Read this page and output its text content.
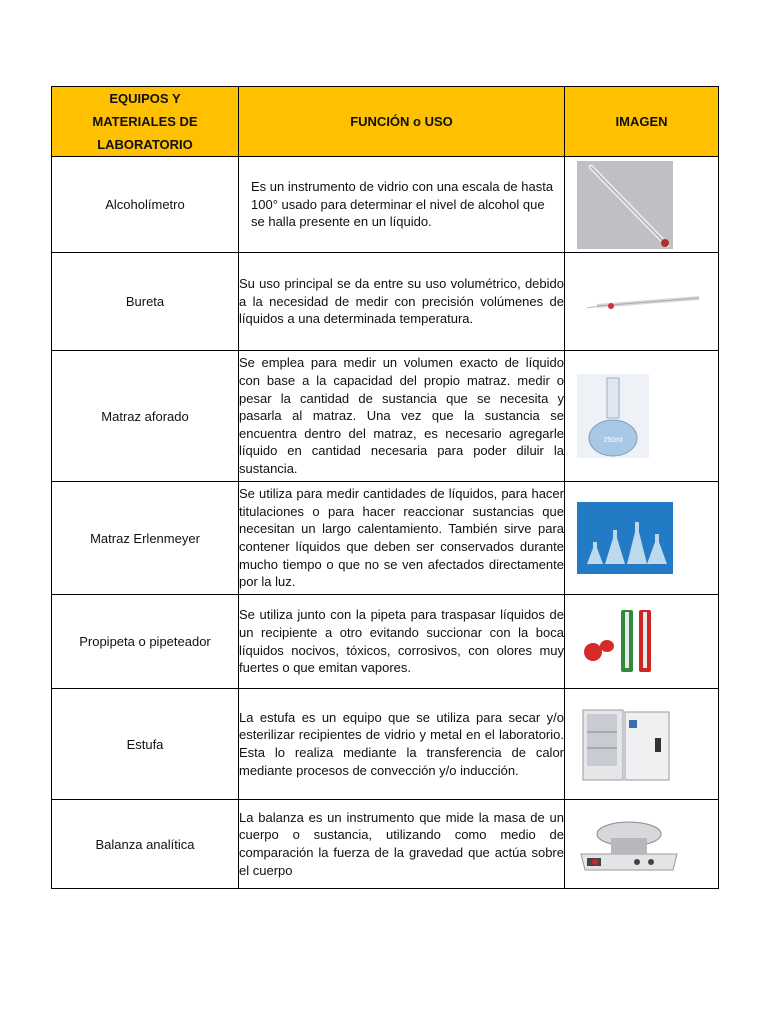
EQUIPOS Y MATERIALES DE LABORATORIO	FUNCIÓN o USO	IMAGEN

Alcoholímetro	Es un instrumento de vidrio con una escala de hasta 100° usado para determinar el nivel de alcohol que se halla presente en un líquido.	

Bureta	Su uso principal se da entre su uso volumétrico, debido a la necesidad de medir con precisión volúmenes de líquidos a una determinada temperatura.	

Matraz aforado	Se emplea para medir un volumen exacto de líquido con base a la capacidad del propio matraz. medir o pesar la cantidad de sustancia que se necesita y pasarla al matraz. Una vez que la sustancia se encuentra dentro del matraz, es necesario agregarle líquido en cantidad necesaria para poder diluir la sustancia.	250ml

Matraz Erlenmeyer	Se utiliza para medir cantidades de líquidos, para hacer titulaciones o para hacer reaccionar sustancias que necesitan un largo calentamiento. También sirve para contener líquidos que deben ser conservados durante mucho tiempo o que no se ven afectados directamente por la luz.	

Propipeta o pipeteador	Se utiliza junto con la pipeta para traspasar líquidos de un recipiente a otro evitando succionar con la boca líquidos nocivos, tóxicos, corrosivos, con olores muy fuertes o que emitan vapores.	

Estufa	La estufa es un equipo que se utiliza para secar y/o esterilizar recipientes de vidrio y metal en el laboratorio. Esta lo realiza mediante la transferencia de calor mediante procesos de convección y/o inducción.	

Balanza analítica	La balanza es un instrumento que mide la masa de un cuerpo o sustancia, utilizando como medio de comparación la fuerza de la gravedad que actúa sobre el cuerpo	
